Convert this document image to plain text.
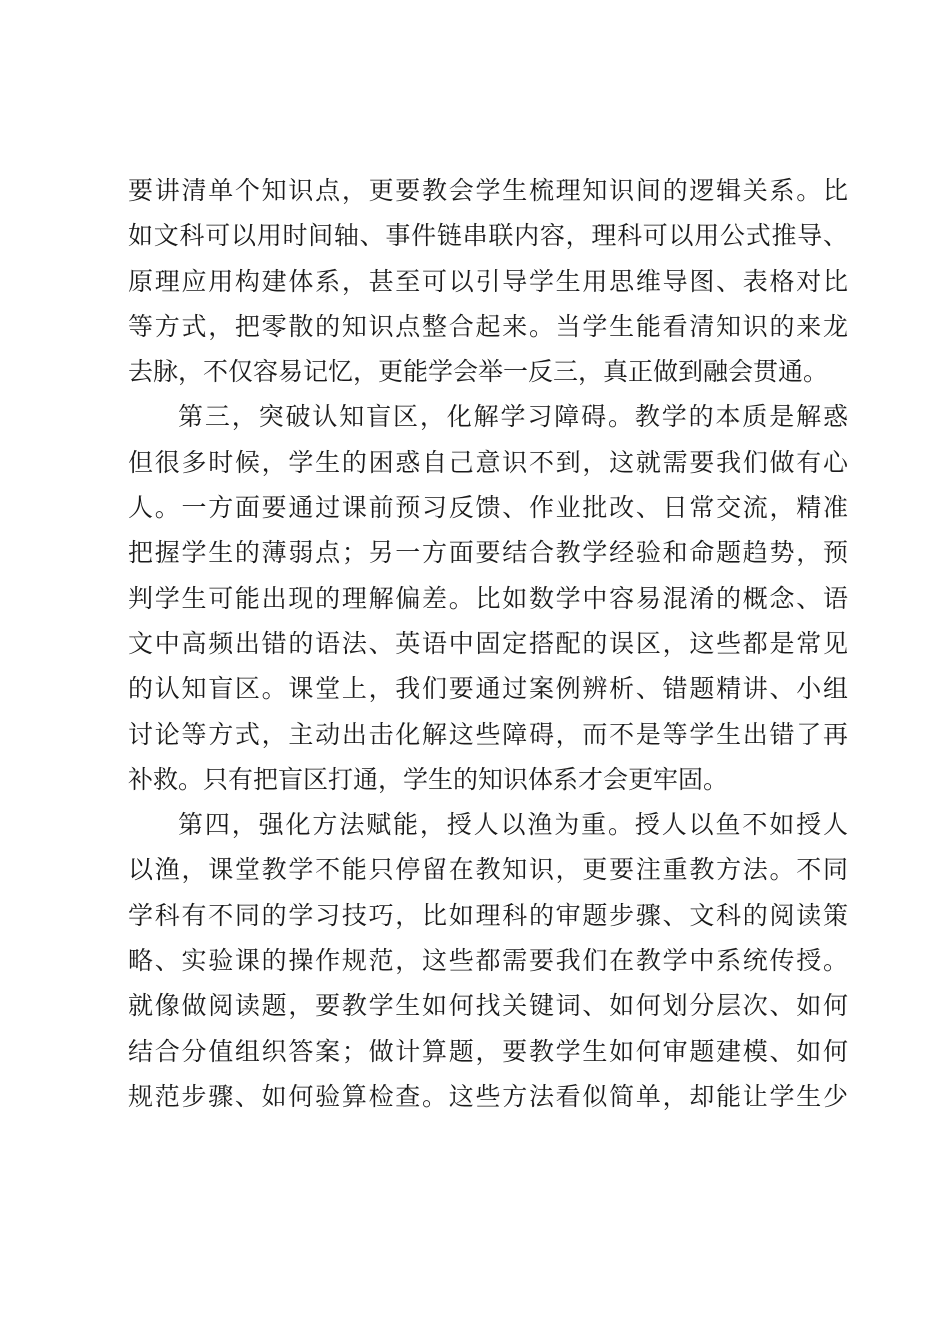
要讲清单个知识点，更要教会学生梳理知识间的逻辑关系。比
如文科可以用时间轴、事件链串联内容，理科可以用公式推导、
原理应用构建体系，甚至可以引导学生用思维导图、表格对比
等方式，把零散的知识点整合起来。当学生能看清知识的来龙
去脉，不仅容易记忆，更能学会举一反三，真正做到融会贯通。
第三，突破认知盲区，化解学习障碍。教学的本质是解惑
但很多时候，学生的困惑自己意识不到，这就需要我们做有心
人。一方面要通过课前预习反馈、作业批改、日常交流，精准
把握学生的薄弱点；另一方面要结合教学经验和命题趋势，预
判学生可能出现的理解偏差。比如数学中容易混淆的概念、语
文中高频出错的语法、英语中固定搭配的误区，这些都是常见
的认知盲区。课堂上，我们要通过案例辨析、错题精讲、小组
讨论等方式，主动出击化解这些障碍，而不是等学生出错了再
补救。只有把盲区打通，学生的知识体系才会更牢固。
第四，强化方法赋能，授人以渔为重。授人以鱼不如授人
以渔，课堂教学不能只停留在教知识，更要注重教方法。不同
学科有不同的学习技巧，比如理科的审题步骤、文科的阅读策
略、实验课的操作规范，这些都需要我们在教学中系统传授。
就像做阅读题，要教学生如何找关键词、如何划分层次、如何
结合分值组织答案；做计算题，要教学生如何审题建模、如何
规范步骤、如何验算检查。这些方法看似简单，却能让学生少
